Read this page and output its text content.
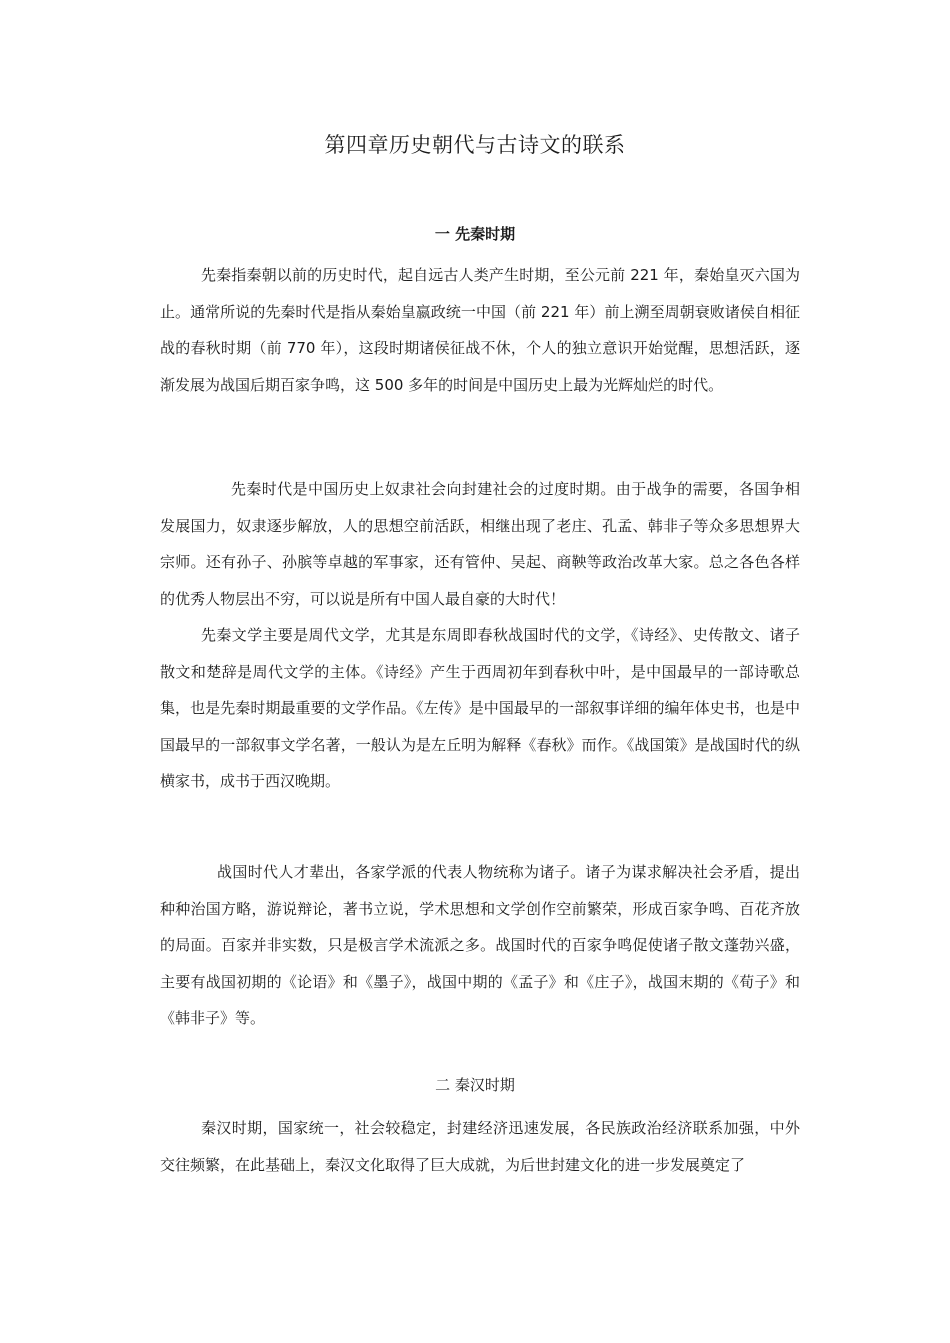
第四章历史朝代与古诗文的联系
一 先秦时期

先秦指秦朝以前的历史时代，起自远古人类产生时期，至公元前 221 年，秦始皇灭六国为止。通常所说的先秦时代是指从秦始皇嬴政统一中国（前 221 年）前上溯至周朝衰败诸侯自相征战的春秋时期（前 770 年），这段时期诸侯征战不休，个人的独立意识开始觉醒，思想活跃，逐渐发展为战国后期百家争鸣，这 500 多年的时间是中国历史上最为光辉灿烂的时代。

先秦时代是中国历史上奴隶社会向封建社会的过度时期。由于战争的需要，各国争相发展国力，奴隶逐步解放，人的思想空前活跃，相继出现了老庄、孔孟、韩非子等众多思想界大宗师。还有孙子、孙膑等卓越的军事家，还有管仲、吴起、商鞅等政治改革大家。总之各色各样的优秀人物层出不穷，可以说是所有中国人最自豪的大时代！

先秦文学主要是周代文学，尤其是东周即春秋战国时代的文学，《诗经》、史传散文、诸子散文和楚辞是周代文学的主体。《诗经》产生于西周初年到春秋中叶，是中国最早的一部诗歌总集，也是先秦时期最重要的文学作品。《左传》是中国最早的一部叙事详细的编年体史书，也是中国最早的一部叙事文学名著，一般认为是左丘明为解释《春秋》而作。《战国策》是战国时代的纵横家书，成书于西汉晚期。

战国时代人才辈出，各家学派的代表人物统称为诸子。诸子为谋求解决社会矛盾，提出种种治国方略，游说辩论，著书立说，学术思想和文学创作空前繁荣，形成百家争鸣、百花齐放的局面。百家并非实数，只是极言学术流派之多。战国时代的百家争鸣促使诸子散文蓬勃兴盛，主要有战国初期的《论语》和《墨子》，战国中期的《孟子》和《庄子》，战国末期的《荀子》和《韩非子》等。

二 秦汉时期

秦汉时期，国家统一，社会较稳定，封建经济迅速发展，各民族政治经济联系加强，中外交往频繁，在此基础上，秦汉文化取得了巨大成就，为后世封建文化的进一步发展奠定了
